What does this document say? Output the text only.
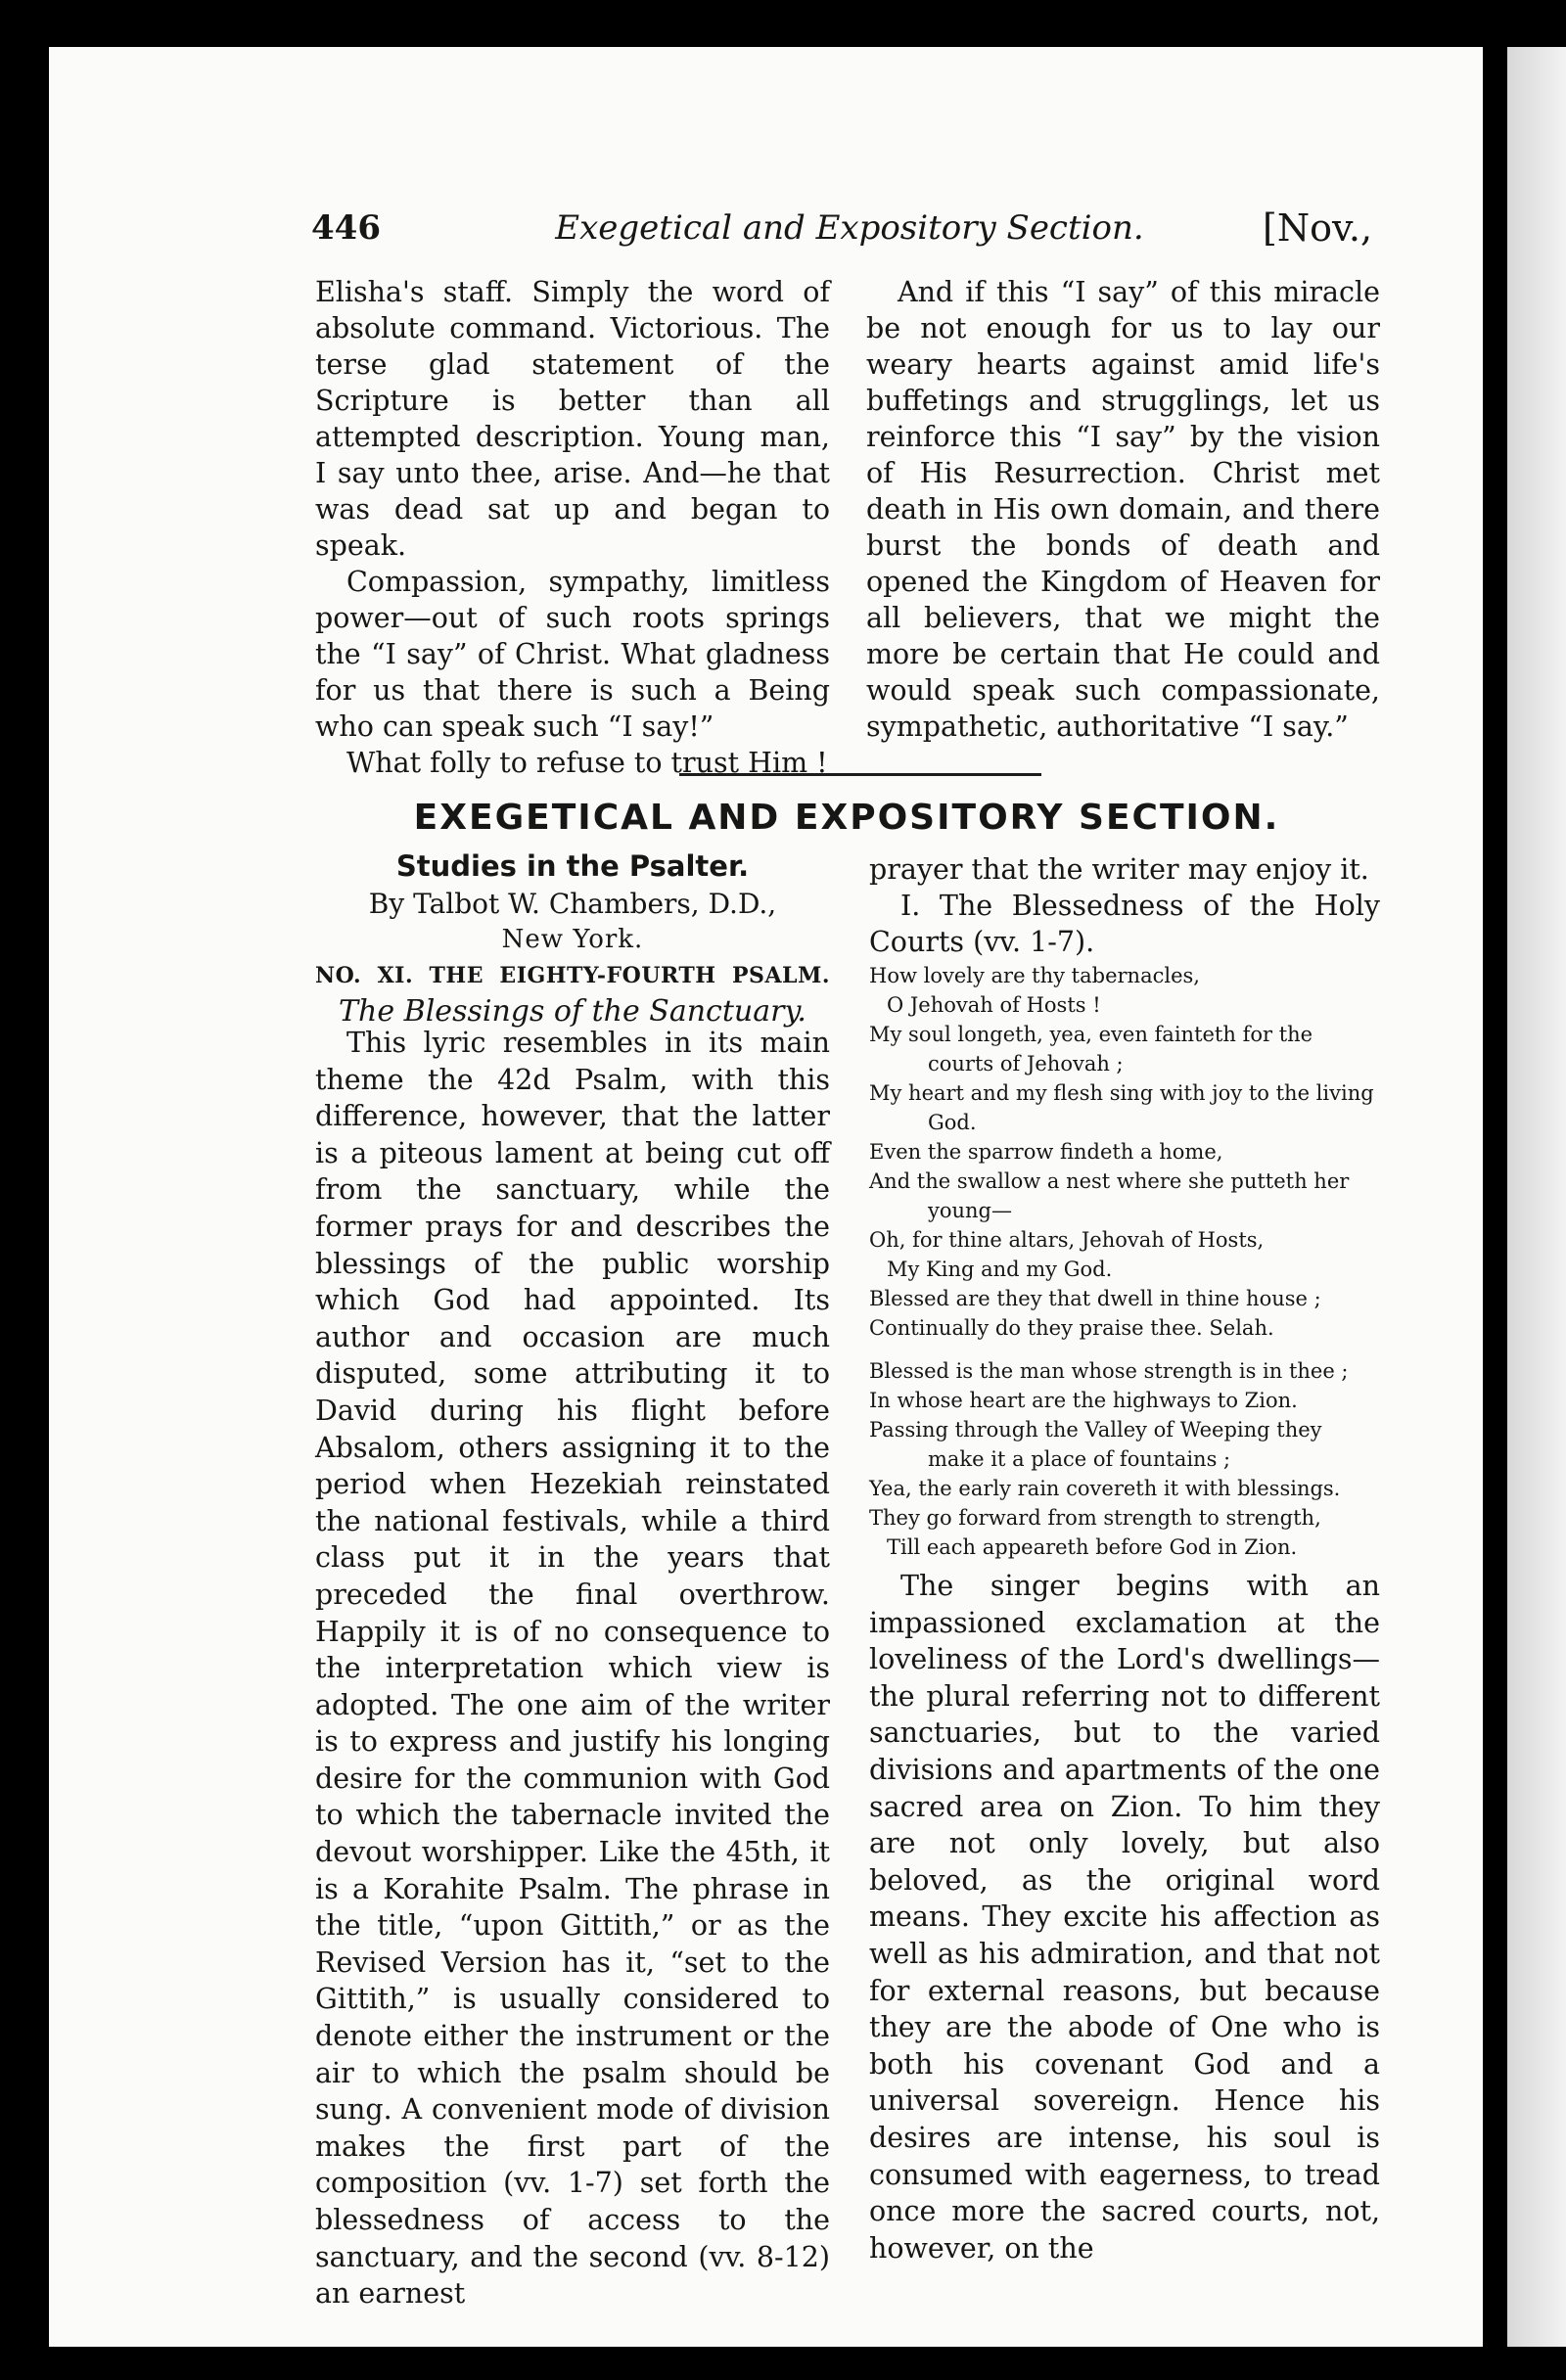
446	Exegetical and Expository Section.	[Nov.,

Elisha's staff. Simply the word of absolute command. Victorious. The terse glad statement of the Scripture is better than all attempted description. Young man, I say unto thee, arise. And—he that was dead sat up and began to speak.

Compassion, sympathy, limitless power—out of such roots springs the “I say” of Christ. What gladness for us that there is such a Being who can speak such “I say!”

What folly to refuse to trust Him !

And if this “I say” of this miracle be not enough for us to lay our weary hearts against amid life's buffetings and strugglings, let us reinforce this “I say” by the vision of His Resurrection. Christ met death in His own domain, and there burst the bonds of death and opened the Kingdom of Heaven for all believers, that we might the more be certain that He could and would speak such compassionate, sympathetic, authoritative “I say.”

EXEGETICAL AND EXPOSITORY SECTION.
Studies in the Psalter.
By Talbot W. Chambers, D.D.,
New York.
NO. XI. THE EIGHTY-FOURTH PSALM.
The Blessings of the Sanctuary.

This lyric resembles in its main theme the 42d Psalm, with this difference, however, that the latter is a piteous lament at being cut off from the sanctuary, while the former prays for and describes the blessings of the public worship which God had appointed. Its author and occasion are much disputed, some attributing it to David during his flight before Absalom, others assigning it to the period when Hezekiah reinstated the national festivals, while a third class put it in the years that preceded the final overthrow. Happily it is of no consequence to the interpretation which view is adopted. The one aim of the writer is to express and justify his longing desire for the communion with God to which the tabernacle invited the devout worshipper. Like the 45th, it is a Korahite Psalm. The phrase in the title, “upon Gittith,” or as the Revised Version has it, “set to the Gittith,” is usually considered to denote either the instrument or the air to which the psalm should be sung. A convenient mode of division makes the first part of the composition (vv. 1-7) set forth the blessedness of access to the sanctuary, and the second (vv. 8-12) an earnest

prayer that the writer may enjoy it.

I. The Blessedness of the Holy Courts (vv. 1-7).

How lovely are thy tabernacles,
O Jehovah of Hosts !
My soul longeth, yea, even fainteth for the courts of Jehovah ;
My heart and my flesh sing with joy to the living God.
Even the sparrow findeth a home,
And the swallow a nest where she putteth her young—
Oh, for thine altars, Jehovah of Hosts,
My King and my God.
Blessed are they that dwell in thine house ;
Continually do they praise thee. Selah.
Blessed is the man whose strength is in thee ;
In whose heart are the highways to Zion.
Passing through the Valley of Weeping they make it a place of fountains ;
Yea, the early rain covereth it with blessings.
They go forward from strength to strength,
Till each appeareth before God in Zion.

The singer begins with an impassioned exclamation at the loveliness of the Lord's dwellings—the plural referring not to different sanctuaries, but to the varied divisions and apartments of the one sacred area on Zion. To him they are not only lovely, but also beloved, as the original word means. They excite his affection as well as his admiration, and that not for external reasons, but because they are the abode of One who is both his covenant God and a universal sovereign. Hence his desires are intense, his soul is consumed with eagerness, to tread once more the sacred courts, not, however, on the
